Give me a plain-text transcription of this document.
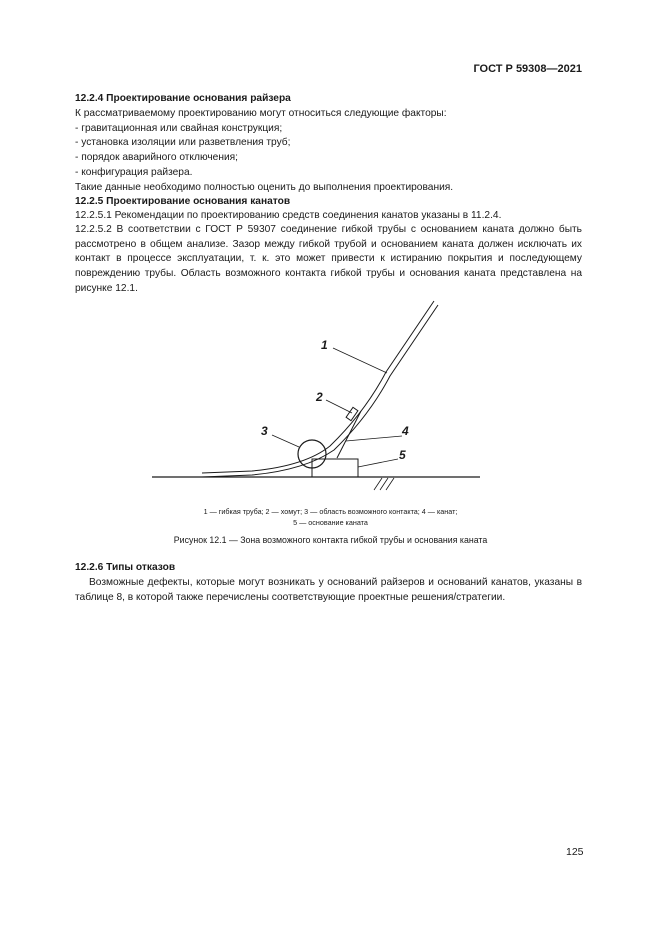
ГОСТ Р 59308—2021
12.2.4 Проектирование основания райзера
К рассматриваемому проектированию могут относиться следующие факторы:
- гравитационная или свайная конструкция;
- установка изоляции или разветвления труб;
- порядок аварийного отключения;
- конфигурация райзера.
Такие данные необходимо полностью оценить до выполнения проектирования.
12.2.5 Проектирование основания канатов
12.2.5.1 Рекомендации по проектированию средств соединения канатов указаны в 11.2.4.
12.2.5.2 В соответствии с ГОСТ Р 59307 соединение гибкой трубы с основанием каната должно быть рассмотрено в общем анализе. Зазор между гибкой трубой и основанием каната должен исключать их контакт в процессе эксплуатации, т. к. это может привести к истиранию покрытия и последующему повреждению трубы. Область возможного контакта гибкой трубы и основания каната представлена на рисунке 12.1.
1
2
3	4
5
1 — гибкая труба; 2 — хомут; 3 — область возможного контакта; 4 — канат;
5 — основание каната
Рисунок 12.1 — Зона возможного контакта гибкой трубы и основания каната
12.2.6 Типы отказов
Возможные дефекты, которые могут возникать у оснований райзеров и оснований канатов, указаны в таблице 8, в которой также перечислены соответствующие проектные решения/стратегии.
125
